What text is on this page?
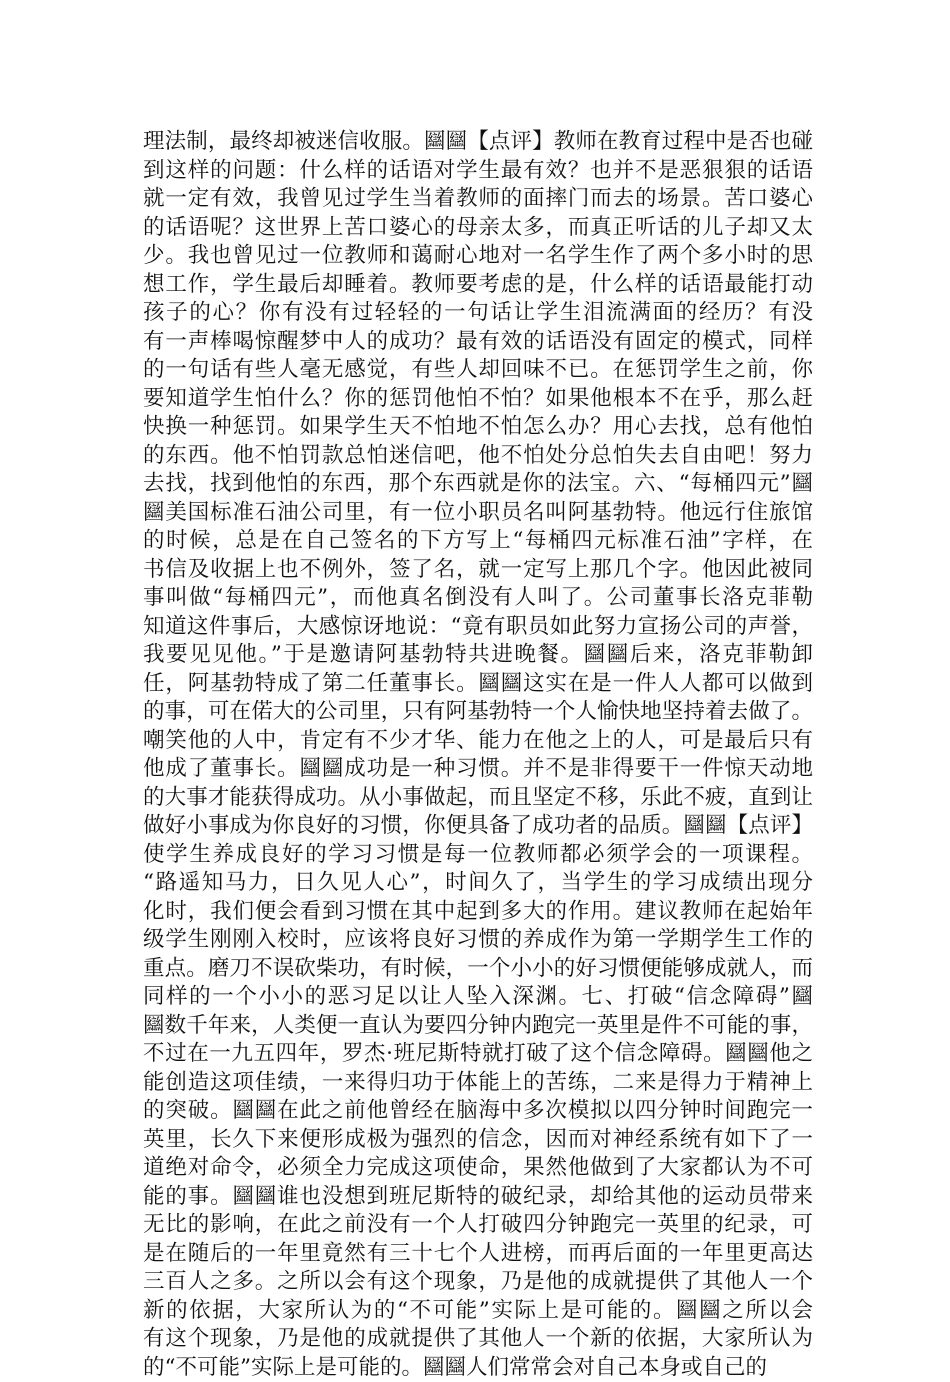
理法制，最终却被迷信收服。圝圝【点评】教师在教育过程中是否也碰
到这样的问题：什么样的话语对学生最有效？也并不是恶狠狠的话语
就一定有效，我曾见过学生当着教师的面摔门而去的场景。苦口婆心
的话语呢？这世界上苦口婆心的母亲太多，而真正听话的儿子却又太
少。我也曾见过一位教师和蔼耐心地对一名学生作了两个多小时的思
想工作，学生最后却睡着。教师要考虑的是，什么样的话语最能打动
孩子的心？你有没有过轻轻的一句话让学生泪流满面的经历？有没
有一声棒喝惊醒梦中人的成功？最有效的话语没有固定的模式，同样
的一句话有些人毫无感觉，有些人却回味不已。在惩罚学生之前，你
要知道学生怕什么？你的惩罚他怕不怕？如果他根本不在乎，那么赶
快换一种惩罚。如果学生天不怕地不怕怎么办？用心去找，总有他怕
的东西。他不怕罚款总怕迷信吧，他不怕处分总怕失去自由吧！努力
去找，找到他怕的东西，那个东西就是你的法宝。六、“每桶四元”圝
圝美国标准石油公司里，有一位小职员名叫阿基勃特。他远行住旅馆
的时候，总是在自己签名的下方写上“每桶四元标准石油”字样，在
书信及收据上也不例外，签了名，就一定写上那几个字。他因此被同
事叫做“每桶四元”，而他真名倒没有人叫了。公司董事长洛克菲勒
知道这件事后，大感惊讶地说：“竟有职员如此努力宣扬公司的声誉，
我要见见他。”于是邀请阿基勃特共进晚餐。圝圝后来，洛克菲勒卸
任，阿基勃特成了第二任董事长。圝圝这实在是一件人人都可以做到
的事，可在偌大的公司里，只有阿基勃特一个人愉快地坚持着去做了。
嘲笑他的人中，肯定有不少才华、能力在他之上的人，可是最后只有
他成了董事长。圝圝成功是一种习惯。并不是非得要干一件惊天动地
的大事才能获得成功。从小事做起，而且坚定不移，乐此不疲，直到让
做好小事成为你良好的习惯，你便具备了成功者的品质。圝圝【点评】
使学生养成良好的学习习惯是每一位教师都必须学会的一项课程。
“路遥知马力，日久见人心”，时间久了，当学生的学习成绩出现分
化时，我们便会看到习惯在其中起到多大的作用。建议教师在起始年
级学生刚刚入校时，应该将良好习惯的养成作为第一学期学生工作的
重点。磨刀不误砍柴功，有时候，一个小小的好习惯便能够成就人，而
同样的一个小小的恶习足以让人坠入深渊。七、打破“信念障碍”圝
圝数千年来，人类便一直认为要四分钟内跑完一英里是件不可能的事，
不过在一九五四年，罗杰·班尼斯特就打破了这个信念障碍。圝圝他之
能创造这项佳绩，一来得归功于体能上的苦练，二来是得力于精神上
的突破。圝圝在此之前他曾经在脑海中多次模拟以四分钟时间跑完一
英里，长久下来便形成极为强烈的信念，因而对神经系统有如下了一
道绝对命令，必须全力完成这项使命，果然他做到了大家都认为不可
能的事。圝圝谁也没想到班尼斯特的破纪录，却给其他的运动员带来
无比的影响，在此之前没有一个人打破四分钟跑完一英里的纪录，可
是在随后的一年里竟然有三十七个人进榜，而再后面的一年里更高达
三百人之多。之所以会有这个现象，乃是他的成就提供了其他人一个
新的依据，大家所认为的“不可能”实际上是可能的。圝圝之所以会
有这个现象，乃是他的成就提供了其他人一个新的依据，大家所认为
的“不可能”实际上是可能的。圝圝人们常常会对自己本身或自己的
